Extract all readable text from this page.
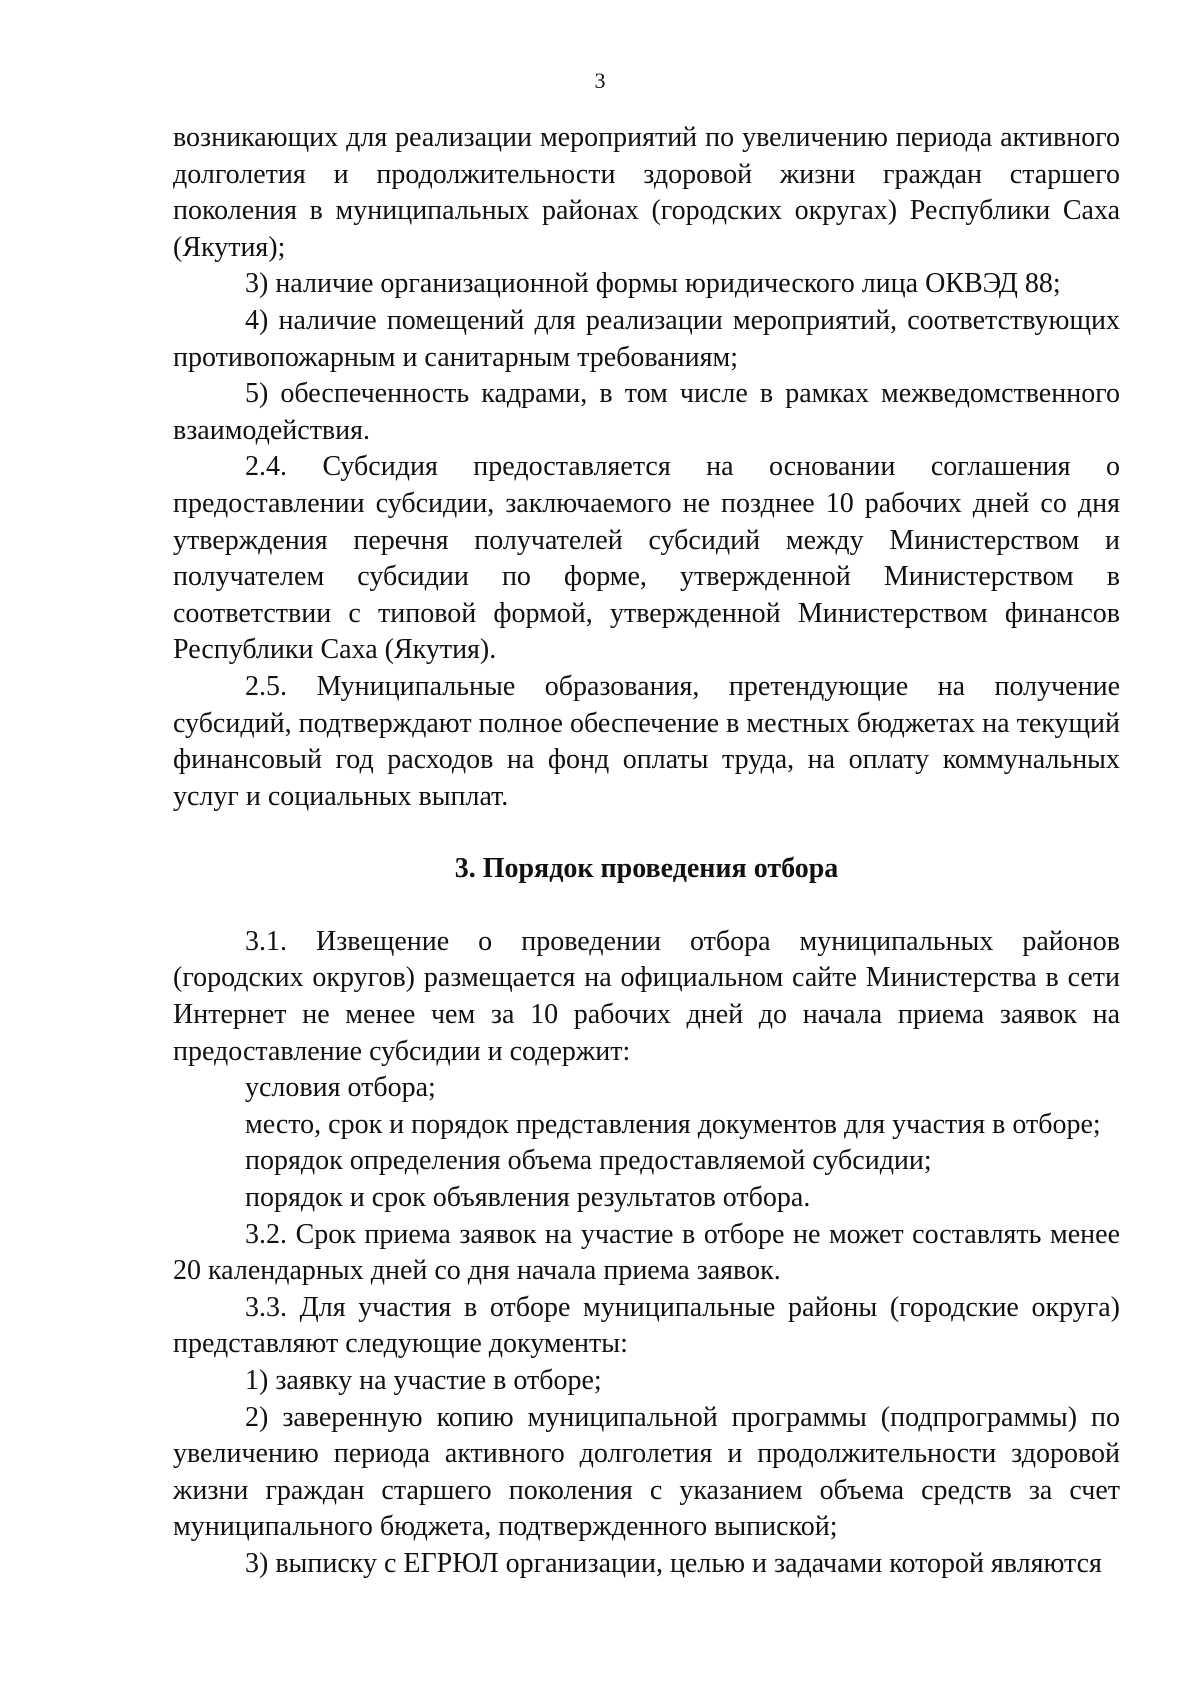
3

возникающих для реализации мероприятий по увеличению периода активного долголетия и продолжительности здоровой жизни граждан старшего поколения в муниципальных районах (городских округах) Республики Саха (Якутия);

3) наличие организационной формы юридического лица ОКВЭД 88;

4) наличие помещений для реализации мероприятий, соответствующих противопожарным и санитарным требованиям;

5) обеспеченность кадрами, в том числе в рамках межведомственного взаимодействия.

2.4. Субсидия предоставляется на основании соглашения о предоставлении субсидии, заключаемого не позднее 10 рабочих дней со дня утверждения перечня получателей субсидий между Министерством и получателем субсидии по форме, утвержденной Министерством в соответствии с типовой формой, утвержденной Министерством финансов Республики Саха (Якутия).

2.5. Муниципальные образования, претендующие на получение субсидий, подтверждают полное обеспечение в местных бюджетах на текущий финансовый год расходов на фонд оплаты труда, на оплату коммунальных услуг и социальных выплат.

3. Порядок проведения отбора

3.1. Извещение о проведении отбора муниципальных районов (городских округов) размещается на официальном сайте Министерства в сети Интернет не менее чем за 10 рабочих дней до начала приема заявок на предоставление субсидии и содержит:

условия отбора;

место, срок и порядок представления документов для участия в отборе;

порядок определения объема предоставляемой субсидии;

порядок и срок объявления результатов отбора.

3.2. Срок приема заявок на участие в отборе не может составлять менее 20 календарных дней со дня начала приема заявок.

3.3. Для участия в отборе муниципальные районы (городские округа) представляют следующие документы:

1) заявку на участие в отборе;

2) заверенную копию муниципальной программы (подпрограммы) по увеличению периода активного долголетия и продолжительности здоровой жизни граждан старшего поколения с указанием объема средств за счет муниципального бюджета, подтвержденного выпиской;

3) выписку с ЕГРЮЛ организации, целью и задачами которой являются
